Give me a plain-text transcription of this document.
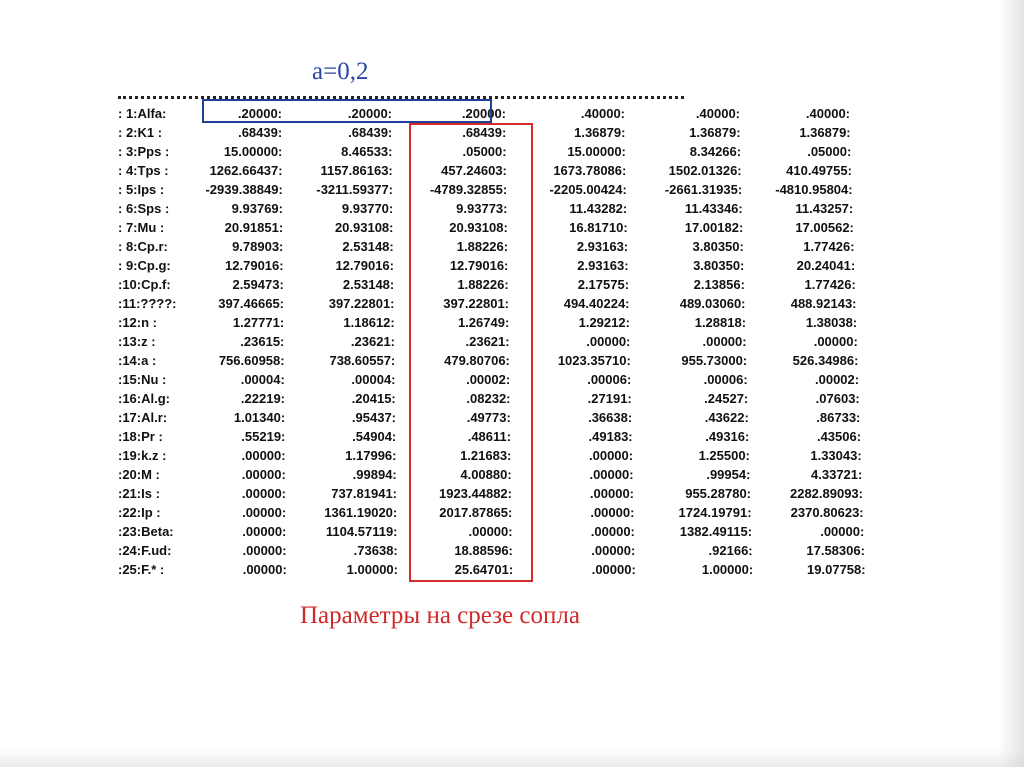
a=0,2
: 1:Alfa:	.20000:	.20000:	.20000:	.40000:	.40000:	.40000:
: 2:K1 :	.68439:	.68439:	.68439:	1.36879:	1.36879:	1.36879:
: 3:Pps :	15.00000:	8.46533:	.05000:	15.00000:	8.34266:	.05000:
: 4:Tps :	1262.66437:	1157.86163:	457.24603:	1673.78086:	1502.01326:	410.49755:
: 5:Ips :	-2939.38849:	-3211.59377:	-4789.32855:	-2205.00424:	-2661.31935:	-4810.95804:
: 6:Sps :	9.93769:	9.93770:	9.93773:	11.43282:	11.43346:	11.43257:
: 7:Mu :	20.91851:	20.93108:	20.93108:	16.81710:	17.00182:	17.00562:
: 8:Cp.r:	9.78903:	2.53148:	1.88226:	2.93163:	3.80350:	1.77426:
: 9:Cp.g:	12.79016:	12.79016:	12.79016:	2.93163:	3.80350:	20.24041:
:10:Cp.f:	2.59473:	2.53148:	1.88226:	2.17575:	2.13856:	1.77426:
:11:????:	397.46665:	397.22801:	397.22801:	494.40224:	489.03060:	488.92143:
:12:n :	1.27771:	1.18612:	1.26749:	1.29212:	1.28818:	1.38038:
:13:z :	.23615:	.23621:	.23621:	.00000:	.00000:	.00000:
:14:a :	756.60958:	738.60557:	479.80706:	1023.35710:	955.73000:	526.34986:
:15:Nu :	.00004:	.00004:	.00002:	.00006:	.00006:	.00002:
:16:Al.g:	.22219:	.20415:	.08232:	.27191:	.24527:	.07603:
:17:Al.r:	1.01340:	.95437:	.49773:	.36638:	.43622:	.86733:
:18:Pr :	.55219:	.54904:	.48611:	.49183:	.49316:	.43506:
:19:k.z :	.00000:	1.17996:	1.21683:	.00000:	1.25500:	1.33043:
:20:M :	.00000:	.99894:	4.00880:	.00000:	.99954:	4.33721:
:21:Is :	.00000:	737.81941:	1923.44882:	.00000:	955.28780:	2282.89093:
:22:Ip :	.00000:	1361.19020:	2017.87865:	.00000:	1724.19791:	2370.80623:
:23:Beta:	.00000:	1104.57119:	.00000:	.00000:	1382.49115:	.00000:
:24:F.ud:	.00000:	.73638:	18.88596:	.00000:	.92166:	17.58306:
:25:F.* :	.00000:	1.00000:	25.64701:	.00000:	1.00000:	19.07758:
Параметры на срезе сопла
